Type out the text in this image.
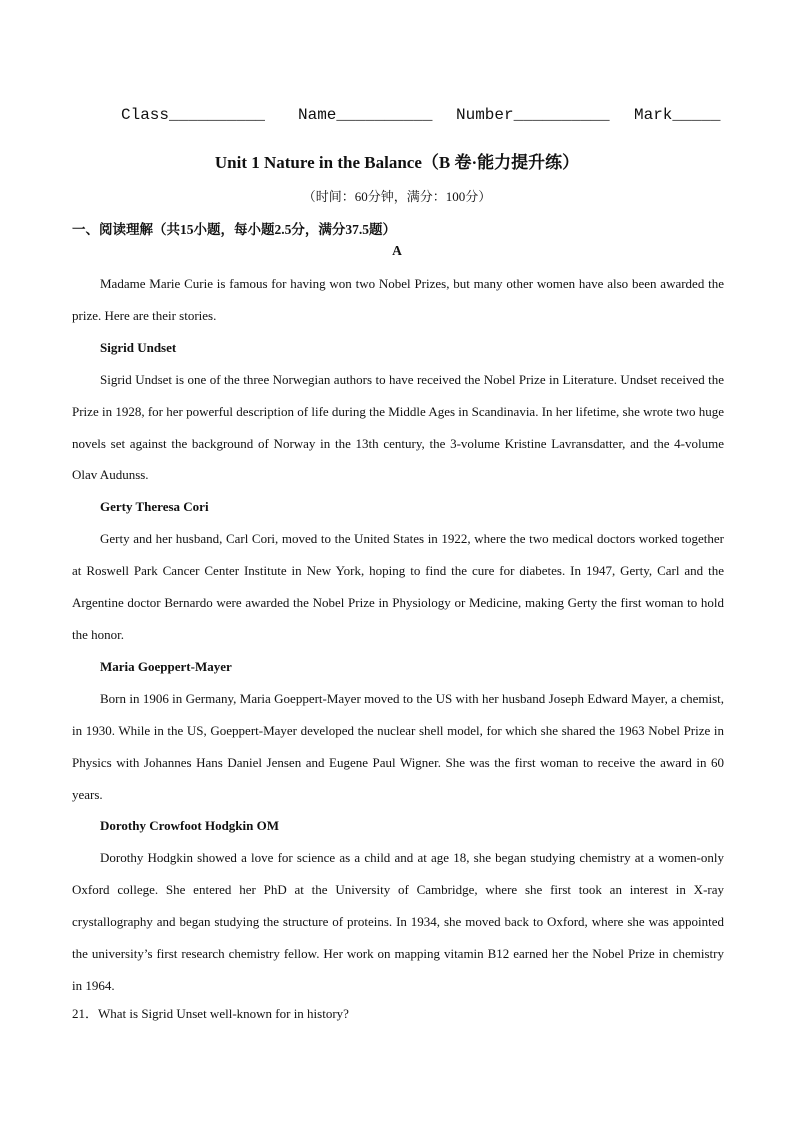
Class__________

Name__________

Number__________

Mark_____

Unit 1 Nature in the Balance（B 卷·能力提升练）
（时间：60分钟，满分：100分）
一、阅读理解（共15小题，每小题2.5分，满分37.5题）
A

Madame Marie Curie is famous for having won two Nobel Prizes, but many other women have also been awarded the prize. Here are their stories.

Sigrid Undset

Sigrid Undset is one of the three Norwegian authors to have received the Nobel Prize in Literature. Undset received the Prize in 1928, for her powerful description of life during the Middle Ages in Scandinavia. In her lifetime, she wrote two huge novels set against the background of Norway in the 13th century, the 3-volume Kristine Lavransdatter, and the 4-volume Olav Audunss.

Gerty Theresa Cori

Gerty and her husband, Carl Cori, moved to the United States in 1922, where the two medical doctors worked together at Roswell Park Cancer Center Institute in New York, hoping to find the cure for diabetes. In 1947, Gerty, Carl and the Argentine doctor Bernardo were awarded the Nobel Prize in Physiology or Medicine, making Gerty the first woman to hold the honor.

Maria Goeppert-Mayer

Born in 1906 in Germany, Maria Goeppert-Mayer moved to the US with her husband Joseph Edward Mayer, a chemist, in 1930. While in the US, Goeppert-Mayer developed the nuclear shell model, for which she shared the 1963 Nobel Prize in Physics with Johannes Hans Daniel Jensen and Eugene Paul Wigner. She was the first woman to receive the award in 60 years.

Dorothy Crowfoot Hodgkin OM

Dorothy Hodgkin showed a love for science as a child and at age 18, she began studying chemistry at a women-only Oxford college. She entered her PhD at the University of Cambridge, where she first took an interest in X-ray crystallography and began studying the structure of proteins. In 1934, she moved back to Oxford, where she was appointed the university’s first research chemistry fellow. Her work on mapping vitamin B12 earned her the Nobel Prize in chemistry in 1964.

21．What is Sigrid Unset well-known for in history?
